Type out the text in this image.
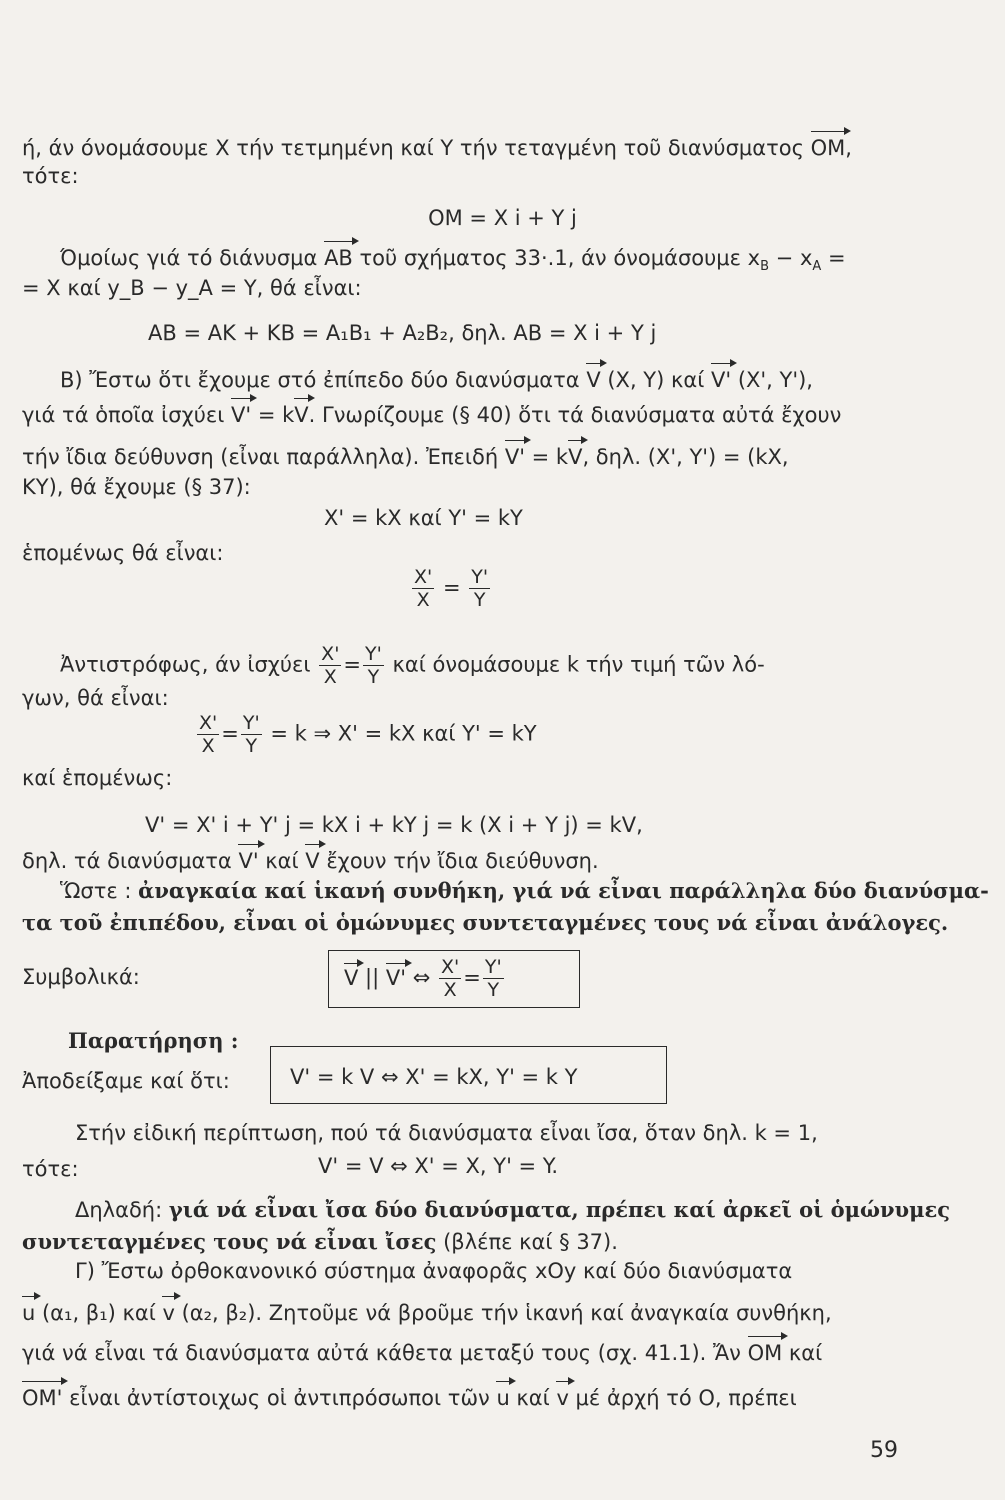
ή, άν όνομάσουμε Χ τήν τετμημένη καί Υ τήν τεταγμένη τοῦ διανύσματος ΟΜ,
τότε:
ΟΜ = X i + Y j
Όμοίως γιά τό διάνυσμα ΑΒ τοῦ σχήματος 33·.1, άν όνομάσουμε $x_B - x_A$ =
= Χ καί y_B − y_A = Y, θά εἶναι:
ΑΒ = ΑΚ + ΚΒ = A₁B₁ + A₂B₂, δηλ. ΑΒ = X i + Y j
Β) Ἔστω ὅτι ἔχουμε στό ἐπίπεδο δύο διανύσματα V (Χ, Υ) καί V' (X', Y'),
γιά τά ὁποῖα ἰσχύει V' = kV. Γνωρίζουμε (§ 40) ὅτι τά διανύσματα αὐτά ἔχουν
τήν ἴδια δεύθυνση (εἶναι παράλληλα). Ἐπειδή V' = kV, δηλ. (X', Y') = (kX,
ΚΥ), θά ἔχουμε (§ 37):
X' = kX καί Y' = kY
ἑπομένως θά εἶναι:
$\frac{X'}{X} = \frac{Y'}{Y}$
Ἀντιστρόφως, άν ἰσχύει $\frac{X'}{X} = \frac{Y'}{Y}$ καί όνομάσουμε k τήν τιμή τῶν λό-
γων, θά εἶναι:
$\frac{X'}{X} = \frac{Y'}{Y} = k$ ⇒ X' = kX καί Y' = kY
καί ἑπομένως:
V' = X' i + Y' j = kX i + kY j = k (X i + Y j) = kV,
δηλ. τά διανύσματα V' καί V ἔχουν τήν ἴδια διεύθυνση.
Ὥστε : ἀναγκαία καί ἱκανή συνθήκη, γιά νά εἶναι παράλληλα δύο διανύσμα-
τα τοῦ ἐπιπέδου, εἶναι οἱ ὁμώνυμες συντεταγμένες τους νά εἶναι ἀνάλογες.
Συμβολικά:	V || V' ⇔ $\frac{X'}{X} = \frac{Y'}{Y}$
Παρατήρηση :
Ἀποδείξαμε καί ὅτι:	V' = k V ⇔ X' = kX, Y' = k Y
Στήν εἰδική περίπτωση, πού τά διανύσματα εἶναι ἴσα, ὅταν δηλ. k = 1,
τότε:	V' = V ⇔ X' = X, Y' = Y.
Δηλαδή: γιά νά εἶναι ἴσα δύο διανύσματα, πρέπει καί ἀρκεῖ οἱ ὁμώνυμες
συντεταγμένες τους νά εἶναι ἴσες (βλέπε καί § 37).
Γ) Ἔστω ὀρθοκανονικό σύστημα ἀναφορᾶς xOy καί δύο διανύσματα
u (α₁, β₁) καί v (α₂, β₂). Ζητοῦμε νά βροῦμε τήν ἱκανή καί ἀναγκαία συνθήκη,
γιά νά εἶναι τά διανύσματα αὐτά κάθετα μεταξύ τους (σχ. 41.1). Ἄν ΟΜ καί
ΟΜ' εἶναι ἀντίστοιχως οἱ ἀντιπρόσωποι τῶν u καί v μέ ἀρχή τό Ο, πρέπει
59
